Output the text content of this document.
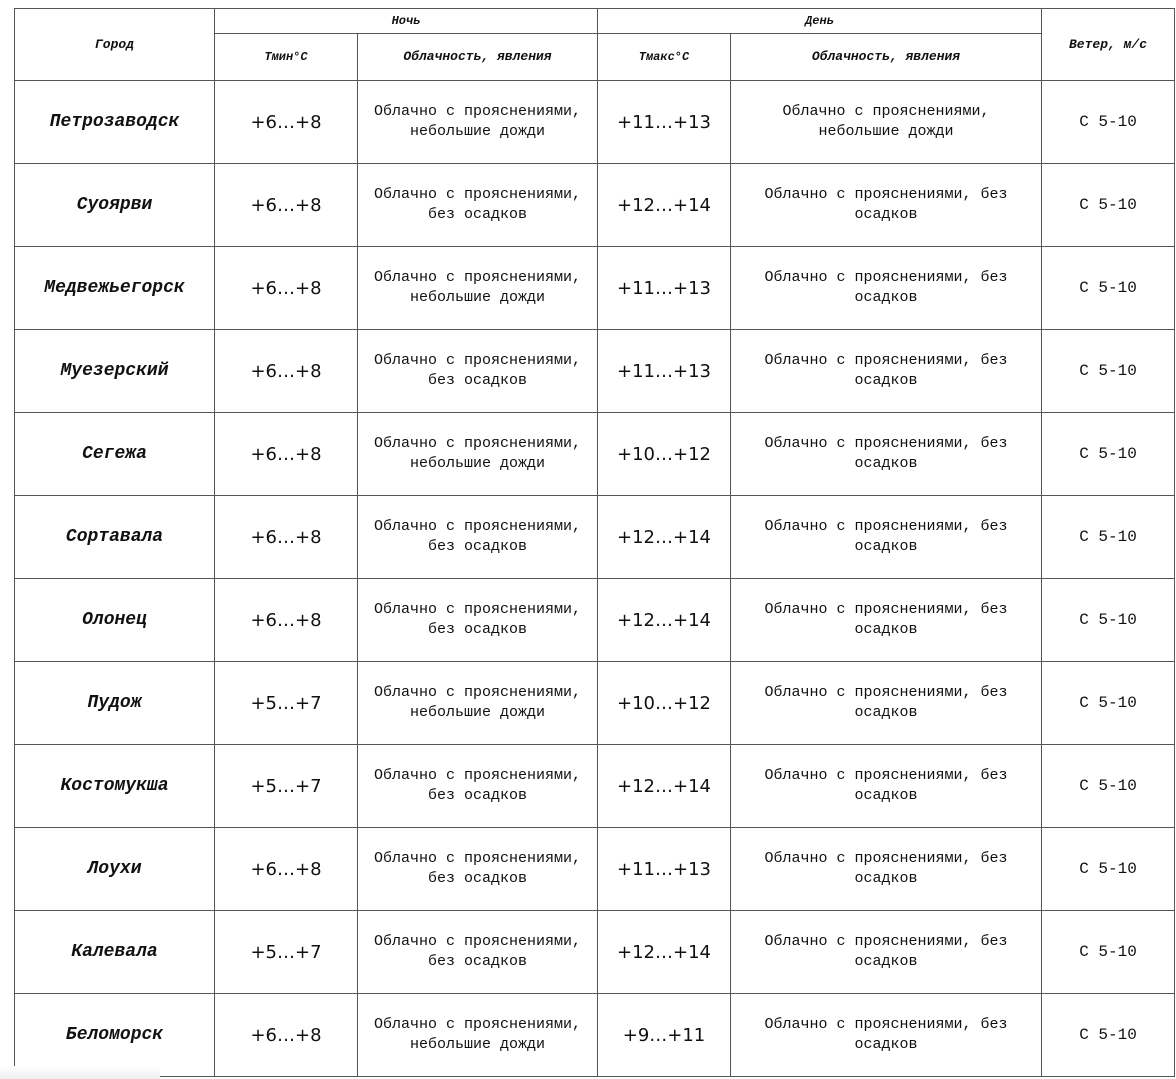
Город	Ночь		День		Ветер, м/с
	Тмин°С	Облачность, явления	Тмакс°С	Облачность, явления	
Петрозаводск	+6…+8	Облачно с прояснениями, небольшие дожди	+11…+13	Облачно с прояснениями, небольшие дожди	С 5-10
Суоярви	+6…+8	Облачно с прояснениями, без осадков	+12…+14	Облачно с прояснениями, без осадков	С 5-10
Медвежьегорск	+6…+8	Облачно с прояснениями, небольшие дожди	+11…+13	Облачно с прояснениями, без осадков	С 5-10
Муезерский	+6…+8	Облачно с прояснениями, без осадков	+11…+13	Облачно с прояснениями, без осадков	С 5-10
Сегежа	+6…+8	Облачно с прояснениями, небольшие дожди	+10…+12	Облачно с прояснениями, без осадков	С 5-10
Сортавала	+6…+8	Облачно с прояснениями, без осадков	+12…+14	Облачно с прояснениями, без осадков	С 5-10
Олонец	+6…+8	Облачно с прояснениями, без осадков	+12…+14	Облачно с прояснениями, без осадков	С 5-10
Пудож	+5…+7	Облачно с прояснениями, небольшие дожди	+10…+12	Облачно с прояснениями, без осадков	С 5-10
Костомукша	+5…+7	Облачно с прояснениями, без осадков	+12…+14	Облачно с прояснениями, без осадков	С 5-10
Лоухи	+6…+8	Облачно с прояснениями, без осадков	+11…+13	Облачно с прояснениями, без осадков	С 5-10
Калевала	+5…+7	Облачно с прояснениями, без осадков	+12…+14	Облачно с прояснениями, без осадков	С 5-10
Беломорск	+6…+8	Облачно с прояснениями, небольшие дожди	+9…+11	Облачно с прояснениями, без осадков	С 5-10
